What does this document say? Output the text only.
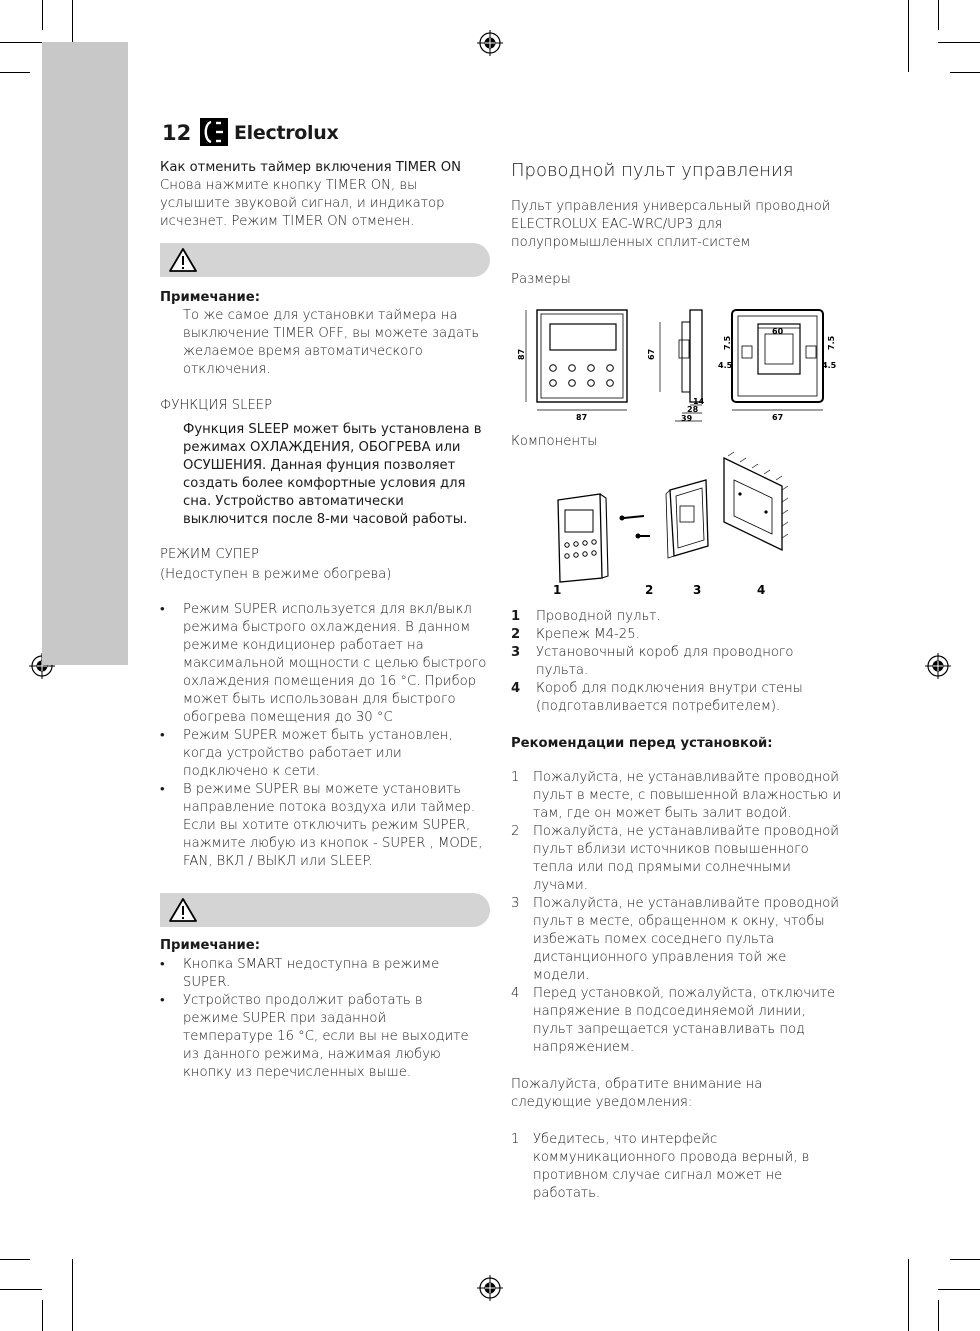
12 Electrolux
Как отменить таймер включения TIMER ON
Снова нажмите кнопку TIMER ON, вы услышите звуковой сигнал, и индикатор исчезнет. Режим TIMER ON отменен.
Примечание:
То же самое для установки таймера на выключение TIMER OFF, вы можете задать желаемое время автоматического отключения.
ФУНКЦИЯ SLEEP
Функция SLEEP может быть установлена в режимах ОХЛАЖДЕНИЯ, ОБОГРЕВА или ОСУШЕНИЯ. Данная фунция позволяет создать более комфортные условия для сна. Устройство автоматически выключится после 8-ми часовой работы.
РЕЖИМ СУПЕР
(Недоступен в режиме обогрева)
• Режим SUPER используется для вкл/выкл режима быстрого охлаждения. В данном режиме кондиционер работает на максимальной мощности с целью быстрого охлаждения помещения до 16 °С. Прибор может быть использован для быстрого обогрева помещения до 30 °С
• Режим SUPER может быть установлен, когда устройство работает или подключено к сети.
• В режиме SUPER вы можете установить направление потока воздуха или таймер. Если вы хотите отключить режим SUPER, нажмите любую из кнопок - SUPER , MODE, FAN, ВКЛ / ВЫКЛ или SLEEP.
Примечание:
• Кнопка SMART недоступна в режиме SUPER.
• Устройство продолжит работать в режиме SUPER при заданной температуре 16 °С, если вы не выходите из данного режима, нажимая любую кнопку из перечисленных выше.
Проводной пульт управления
Пульт управления универсальный проводной ELECTROLUX EAC-WRC/UP3 для полупромышленных сплит-систем
Размеры
87
87
67
14
28
39	67
60
7.5
4.5
7.5
4.5
Компоненты
1	2	3	4
1 Проводной пульт.
2 Крепеж M4-25.
3 Установочный короб для проводного пульта.
4 Короб для подключения внутри стены (подготавливается потребителем).
Рекомендации перед установкой:
1 Пожалуйста, не устанавливайте проводной пульт в месте, с повышенной влажностью и там, где он может быть залит водой.
2 Пожалуйста, не устанавливайте проводной пульт вблизи источников повышенного тепла или под прямыми солнечными лучами.
3 Пожалуйста, не устанавливайте проводной пульт в месте, обращенном к окну, чтобы избежать помех соседнего пульта дистанционного управления той же модели.
4 Перед установкой, пожалуйста, отключите напряжение в подсоединяемой линии, пульт запрещается устанавливать под напряжением.
Пожалуйста, обратите внимание на следующие уведомления:
1 Убедитесь, что интерфейс коммуникационного провода верный, в противном случае сигнал может не работать.
